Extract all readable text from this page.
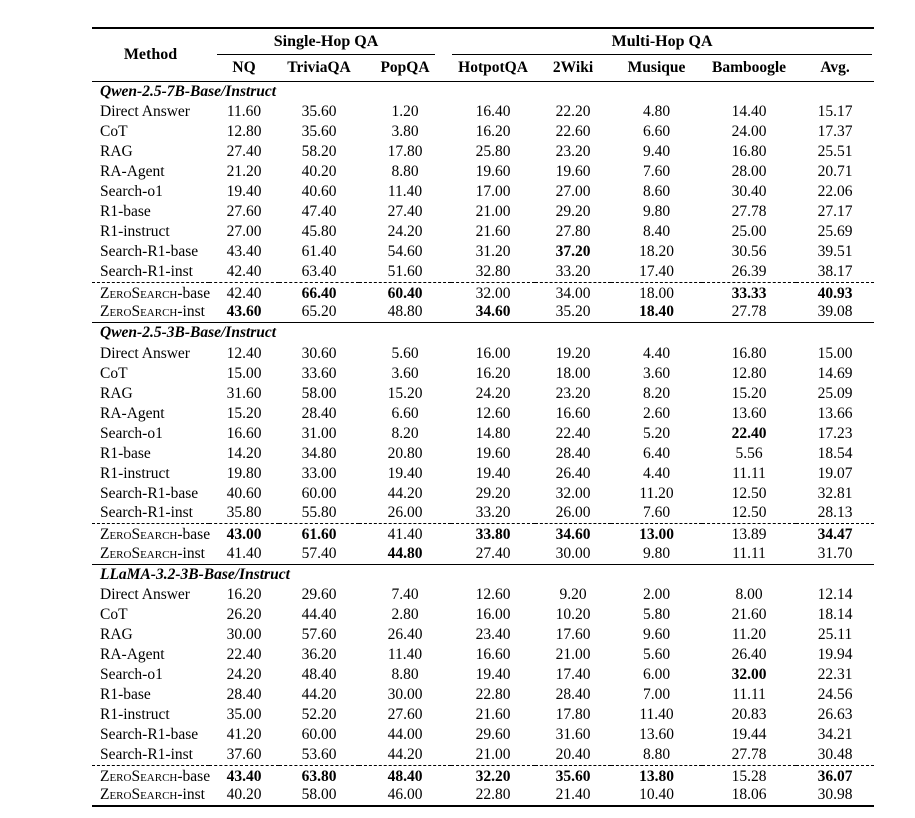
Method	Single-Hop QA			Multi-Hop QA				

	NQ	TriviaQA	PopQA	HotpotQA	2Wiki	Musique	Bamboogle	Avg.
Qwen-2.5-7B-Base/Instruct								
Direct Answer	11.60	35.60	1.20	16.40	22.20	4.80	14.40	15.17
CoT	12.80	35.60	3.80	16.20	22.60	6.60	24.00	17.37
RAG	27.40	58.20	17.80	25.80	23.20	9.40	16.80	25.51
RA-Agent	21.20	40.20	8.80	19.60	19.60	7.60	28.00	20.71
Search-o1	19.40	40.60	11.40	17.00	27.00	8.60	30.40	22.06
R1-base	27.60	47.40	27.40	21.00	29.20	9.80	27.78	27.17
R1-instruct	27.00	45.80	24.20	21.60	27.80	8.40	25.00	25.69
Search-R1-base	43.40	61.40	54.60	31.20	37.20	18.20	30.56	39.51
Search-R1-inst	42.40	63.40	51.60	32.80	33.20	17.40	26.39	38.17
ZeroSearch-base	42.40	66.40	60.40	32.00	34.00	18.00	33.33	40.93
ZeroSearch-inst	43.60	65.20	48.80	34.60	35.20	18.40	27.78	39.08
Qwen-2.5-3B-Base/Instruct								
Direct Answer	12.40	30.60	5.60	16.00	19.20	4.40	16.80	15.00
CoT	15.00	33.60	3.60	16.20	18.00	3.60	12.80	14.69
RAG	31.60	58.00	15.20	24.20	23.20	8.20	15.20	25.09
RA-Agent	15.20	28.40	6.60	12.60	16.60	2.60	13.60	13.66
Search-o1	16.60	31.00	8.20	14.80	22.40	5.20	22.40	17.23
R1-base	14.20	34.80	20.80	19.60	28.40	6.40	5.56	18.54
R1-instruct	19.80	33.00	19.40	19.40	26.40	4.40	11.11	19.07
Search-R1-base	40.60	60.00	44.20	29.20	32.00	11.20	12.50	32.81
Search-R1-inst	35.80	55.80	26.00	33.20	26.00	7.60	12.50	28.13
ZeroSearch-base	43.00	61.60	41.40	33.80	34.60	13.00	13.89	34.47
ZeroSearch-inst	41.40	57.40	44.80	27.40	30.00	9.80	11.11	31.70
LLaMA-3.2-3B-Base/Instruct								
Direct Answer	16.20	29.60	7.40	12.60	9.20	2.00	8.00	12.14
CoT	26.20	44.40	2.80	16.00	10.20	5.80	21.60	18.14
RAG	30.00	57.60	26.40	23.40	17.60	9.60	11.20	25.11
RA-Agent	22.40	36.20	11.40	16.60	21.00	5.60	26.40	19.94
Search-o1	24.20	48.40	8.80	19.40	17.40	6.00	32.00	22.31
R1-base	28.40	44.20	30.00	22.80	28.40	7.00	11.11	24.56
R1-instruct	35.00	52.20	27.60	21.60	17.80	11.40	20.83	26.63
Search-R1-base	41.20	60.00	44.00	29.60	31.60	13.60	19.44	34.21
Search-R1-inst	37.60	53.60	44.20	21.00	20.40	8.80	27.78	30.48
ZeroSearch-base	43.40	63.80	48.40	32.20	35.60	13.80	15.28	36.07
ZeroSearch-inst	40.20	58.00	46.00	22.80	21.40	10.40	18.06	30.98
